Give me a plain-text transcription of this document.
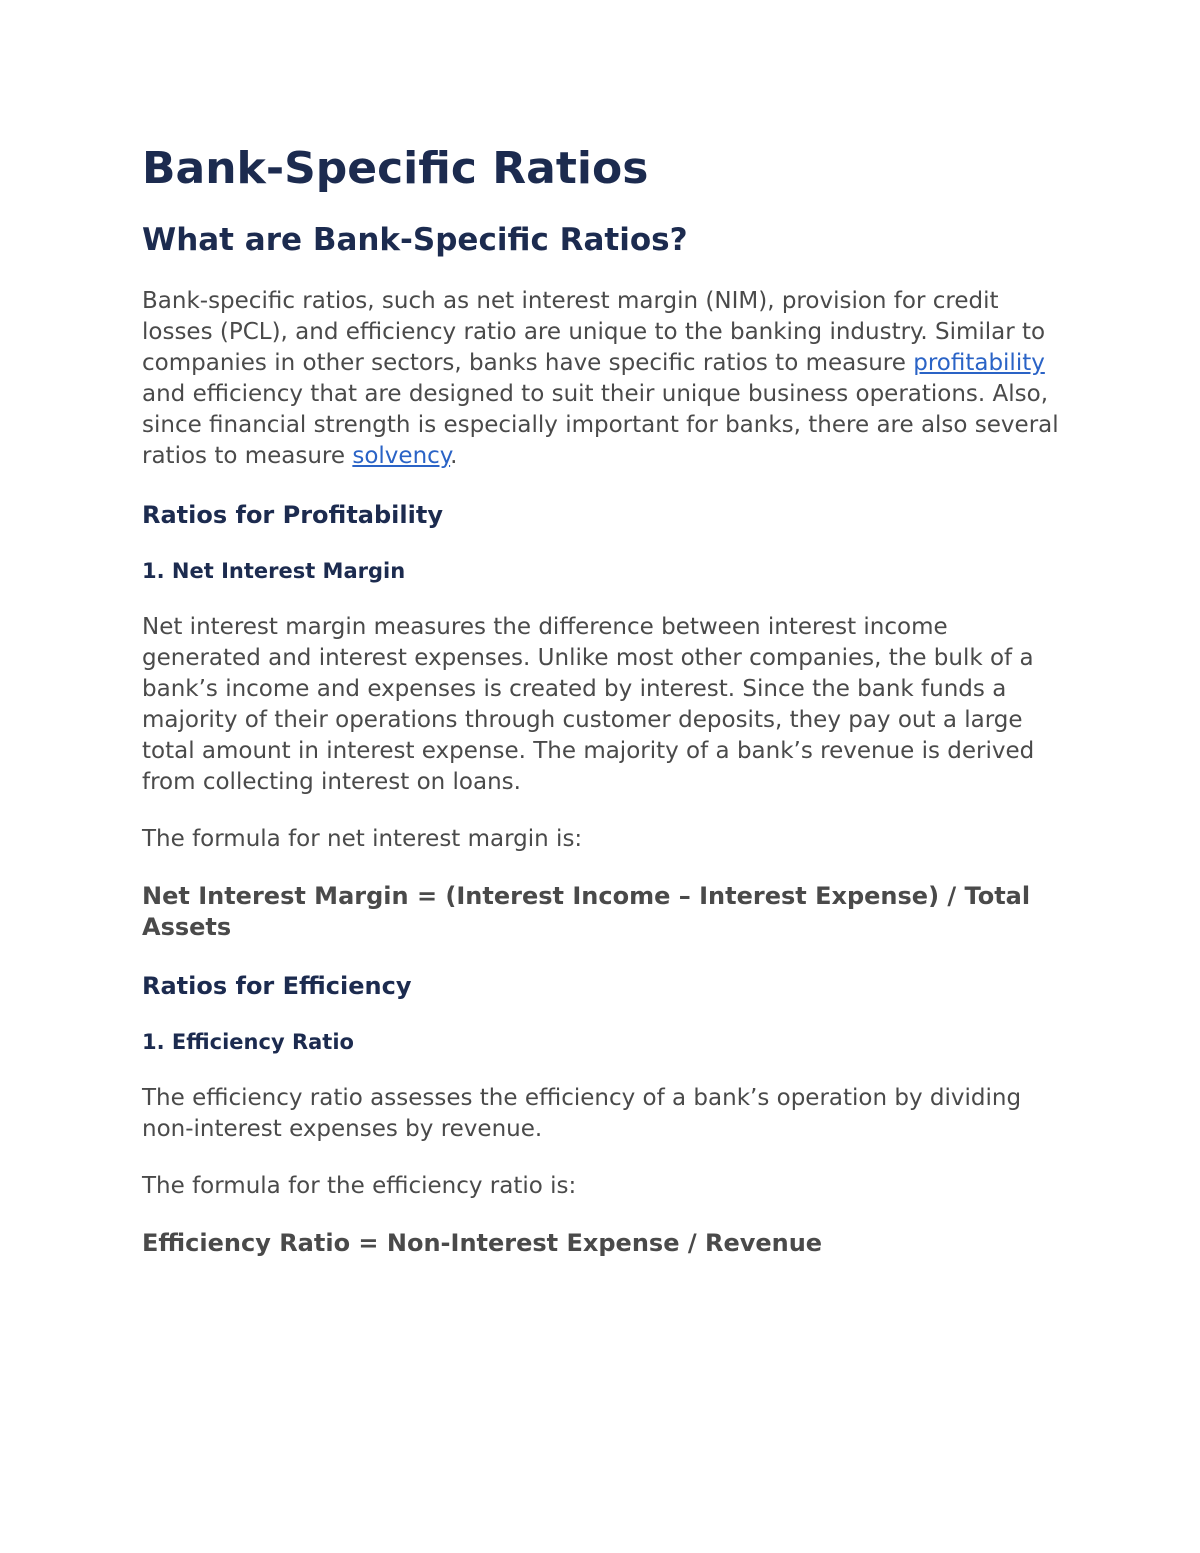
Bank-Specific Ratios
What are Bank-Specific Ratios?

Bank-specific ratios, such as net interest margin (NIM), provision for credit losses (PCL), and efficiency ratio are unique to the banking industry. Similar to companies in other sectors, banks have specific ratios to measure profitability and efficiency that are designed to suit their unique business operations. Also, since financial strength is especially important for banks, there are also several ratios to measure solvency.

Ratios for Profitability
1. Net Interest Margin

Net interest margin measures the difference between interest income generated and interest expenses. Unlike most other companies, the bulk of a bank’s income and expenses is created by interest. Since the bank funds a majority of their operations through customer deposits, they pay out a large total amount in interest expense. The majority of a bank’s revenue is derived from collecting interest on loans.

The formula for net interest margin is:

Net Interest Margin = (Interest Income – Interest Expense) / Total Assets

Ratios for Efficiency
1. Efficiency Ratio

The efficiency ratio assesses the efficiency of a bank’s operation by dividing non-interest expenses by revenue.

The formula for the efficiency ratio is:

Efficiency Ratio = Non-Interest Expense / Revenue
